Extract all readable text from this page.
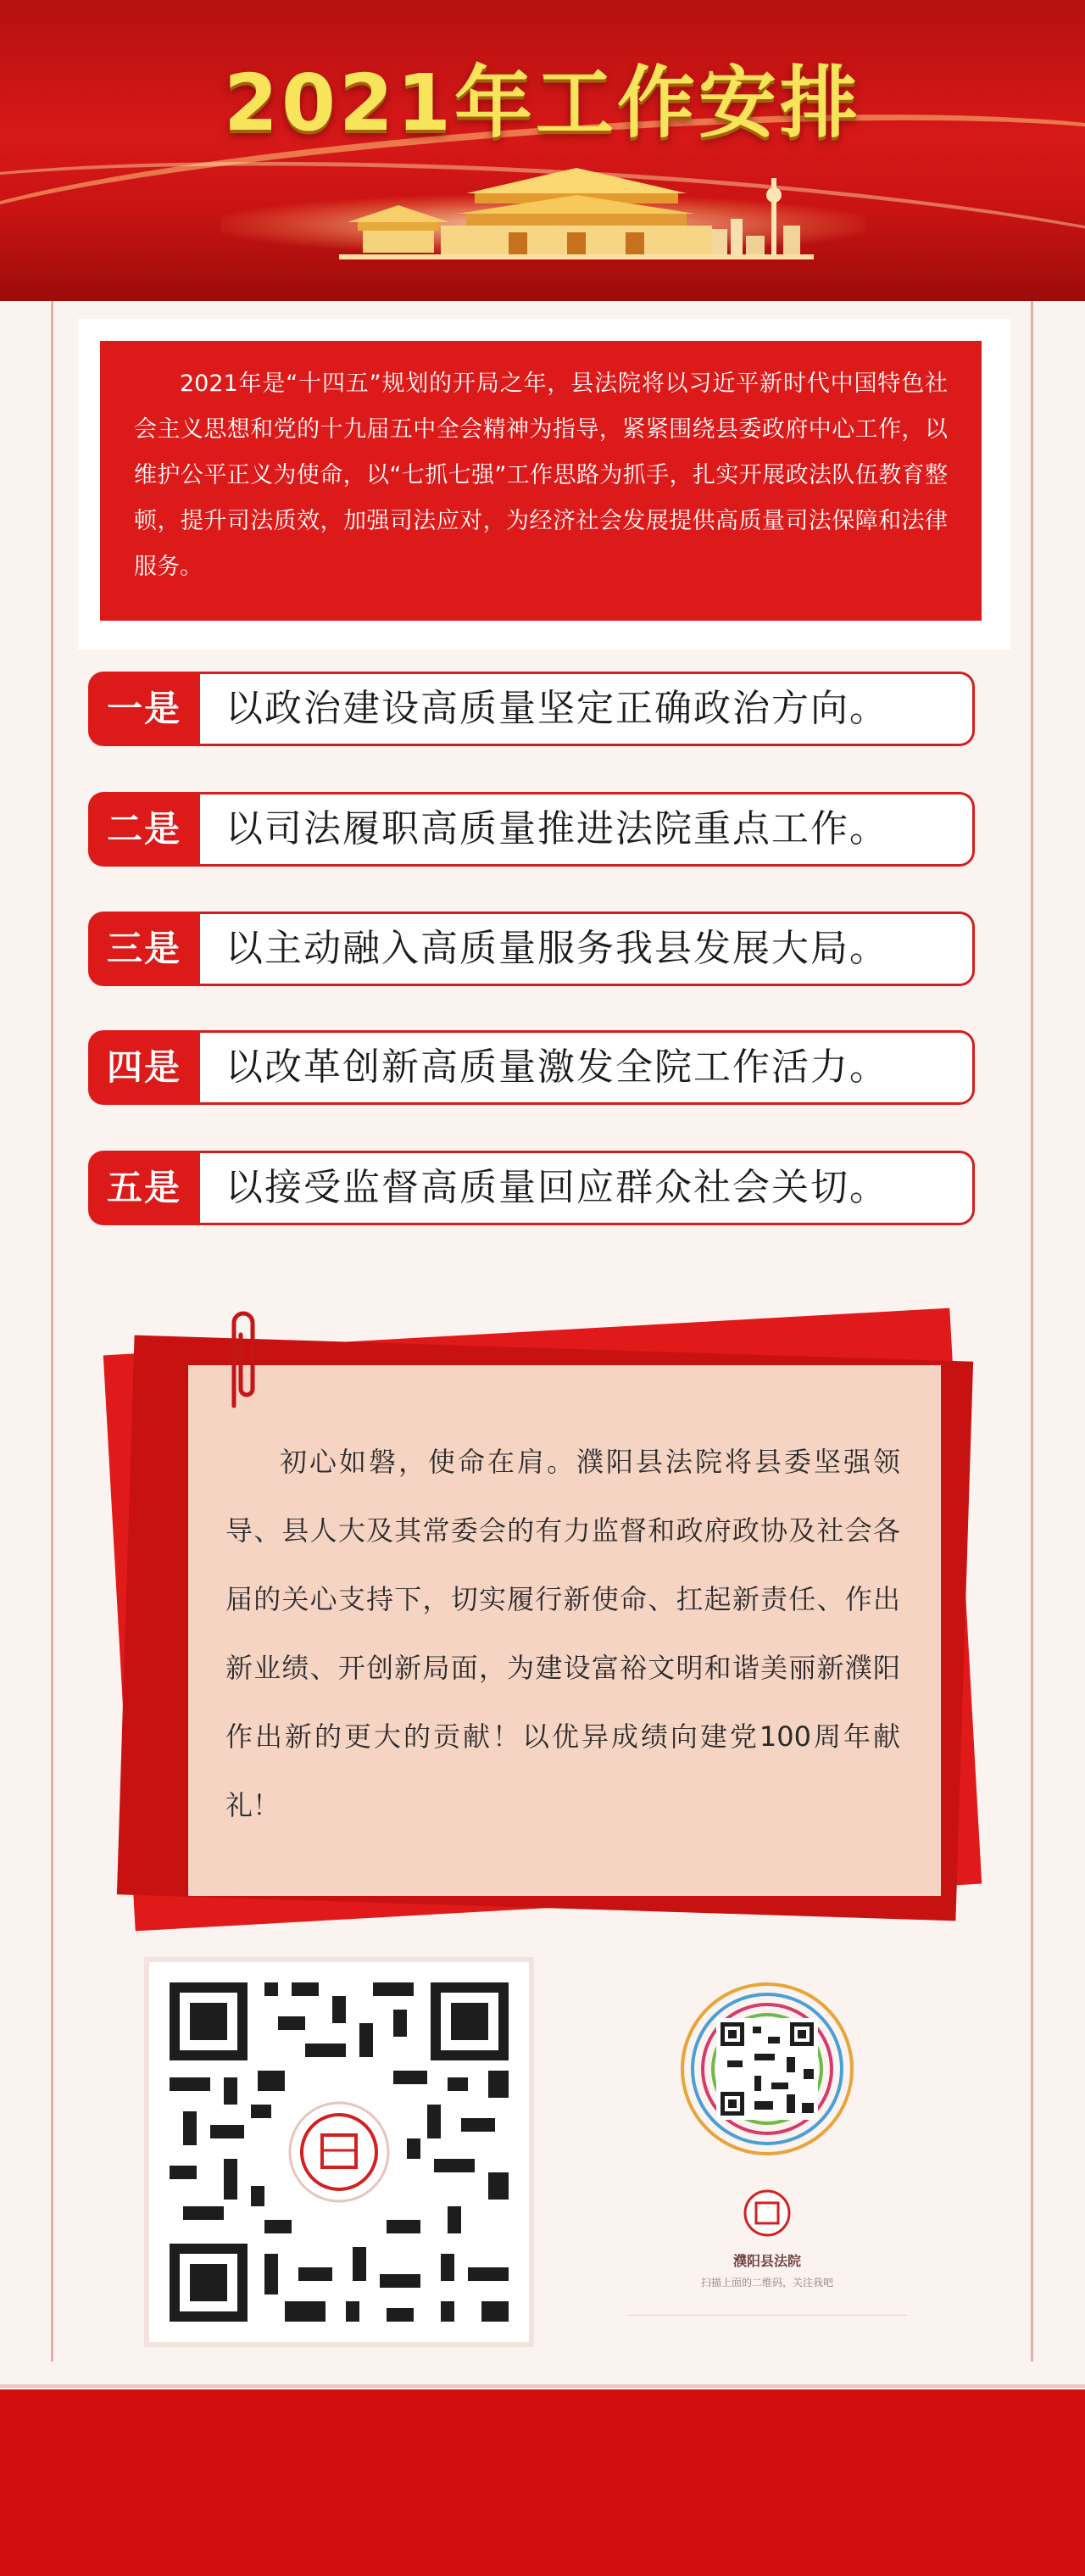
2021年工作安排
2021年是“十四五”规划的开局之年，县法院将以习近平新时代中国特色社会主义思想和党的十九届五中全会精神为指导，紧紧围绕县委政府中心工作，以维护公平正义为使命，以“七抓七强”工作思路为抓手，扎实开展政法队伍教育整顿，提升司法质效，加强司法应对，为经济社会发展提供高质量司法保障和法律服务。
一是	以政治建设高质量坚定正确政治方向。
二是	以司法履职高质量推进法院重点工作。
三是	以主动融入高质量服务我县发展大局。
四是	以改革创新高质量激发全院工作活力。
五是	以接受监督高质量回应群众社会关切。
初心如磐，使命在肩。濮阳县法院将县委坚强领导、县人大及其常委会的有力监督和政府政协及社会各届的关心支持下，切实履行新使命、扛起新责任、作出新业绩、开创新局面，为建设富裕文明和谐美丽新濮阳作出新的更大的贡献！以优异成绩向建党100周年献礼！
濮阳县法院
扫描上面的二维码，关注我吧
